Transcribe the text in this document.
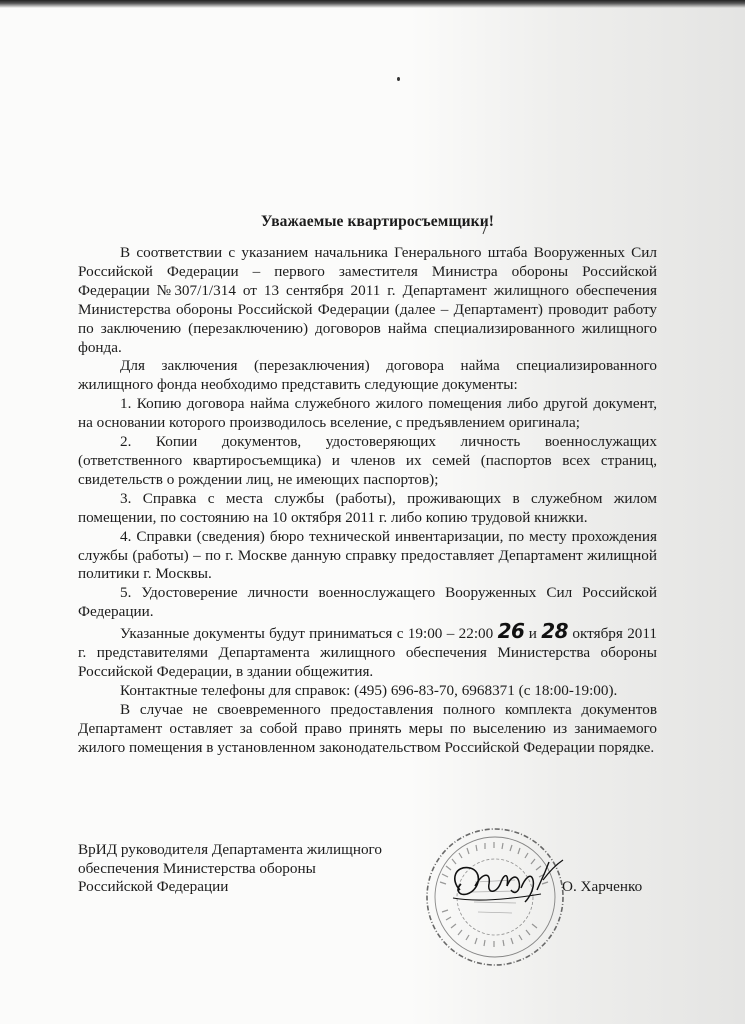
Уважаемые квартиросъемщики!

В соответствии с указанием начальника Генерального штаба Вооруженных Сил Российской Федерации – первого заместителя Министра обороны Российской Федерации №307/1/314 от 13 сентября 2011 г. Департамент жилищного обеспечения Министерства обороны Российской Федерации (далее – Департамент) проводит работу по заключению (перезаключению) договоров найма специализированного жилищного фонда.

Для заключения (перезаключения) договора найма специализированного жилищного фонда необходимо представить следующие документы:

1. Копию договора найма служебного жилого помещения либо другой документ, на основании которого производилось вселение, с предъявлением оригинала;

2. Копии документов, удостоверяющих личность военнослужащих (ответственного квартиросъемщика) и членов их семей (паспортов всех страниц, свидетельств о рождении лиц, не имеющих паспортов);

3. Справка с места службы (работы), проживающих в служебном жилом помещении, по состоянию на 10 октября 2011 г. либо копию трудовой книжки.

4. Справки (сведения) бюро технической инвентаризации, по месту прохождения службы (работы) – по г. Москве данную справку предоставляет Департамент жилищной политики г. Москвы.

5. Удостоверение личности военнослужащего Вооруженных Сил Российской Федерации.

Указанные документы будут приниматься с 19:00 – 22:00 26 и 28 октября 2011 г. представителями Департамента жилищного обеспечения Министерства обороны Российской Федерации, в здании общежития.

Контактные телефоны для справок: (495) 696-83-70, 6968371 (с 18:00-19:00).

В случае не своевременного предоставления полного комплекта документов Департамент оставляет за собой право принять меры по выселению из занимаемого жилого помещения в установленном законодательством Российской Федерации порядке.

ВрИД руководителя Департамента жилищного
обеспечения Министерства обороны
Российской Федерации	О. Харченко
